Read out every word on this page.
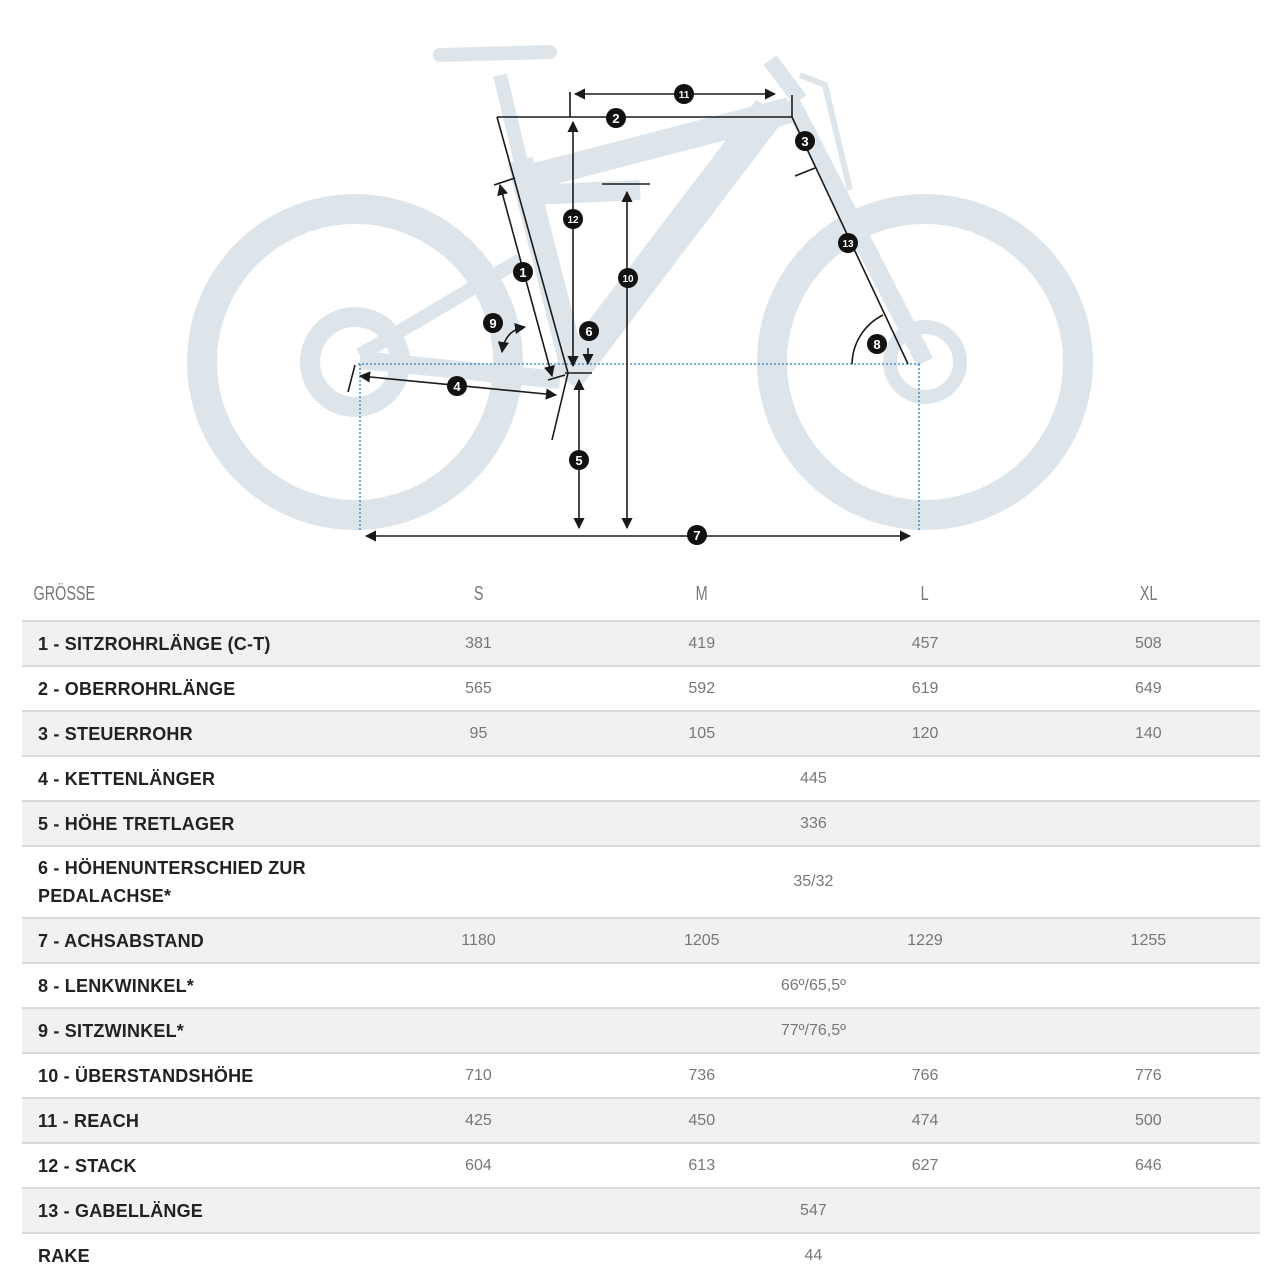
1
2
3
4
5
6
7
8
9
10
11
12
13
GRÖSSE	S	M	L	XL
1 - SITZROHRLÄNGE (C-T)	381	419	457	508
2 - OBERROHRLÄNGE	565	592	619	649
3 - STEUERROHR	95	105	120	140
4 - KETTENLÄNGER	445			
5 - HÖHE TRETLAGER	336			
6 - HÖHENUNTERSCHIED ZUR PEDALACHSE*	35/32			
7 - ACHSABSTAND	1180	1205	1229	1255
8 - LENKWINKEL*	66º/65,5º			
9 - SITZWINKEL*	77º/76,5º			
10 - ÜBERSTANDSHÖHE	710	736	766	776
11 - REACH	425	450	474	500
12 - STACK	604	613	627	646
13 - GABELLÄNGE	547			
RAKE	44			
